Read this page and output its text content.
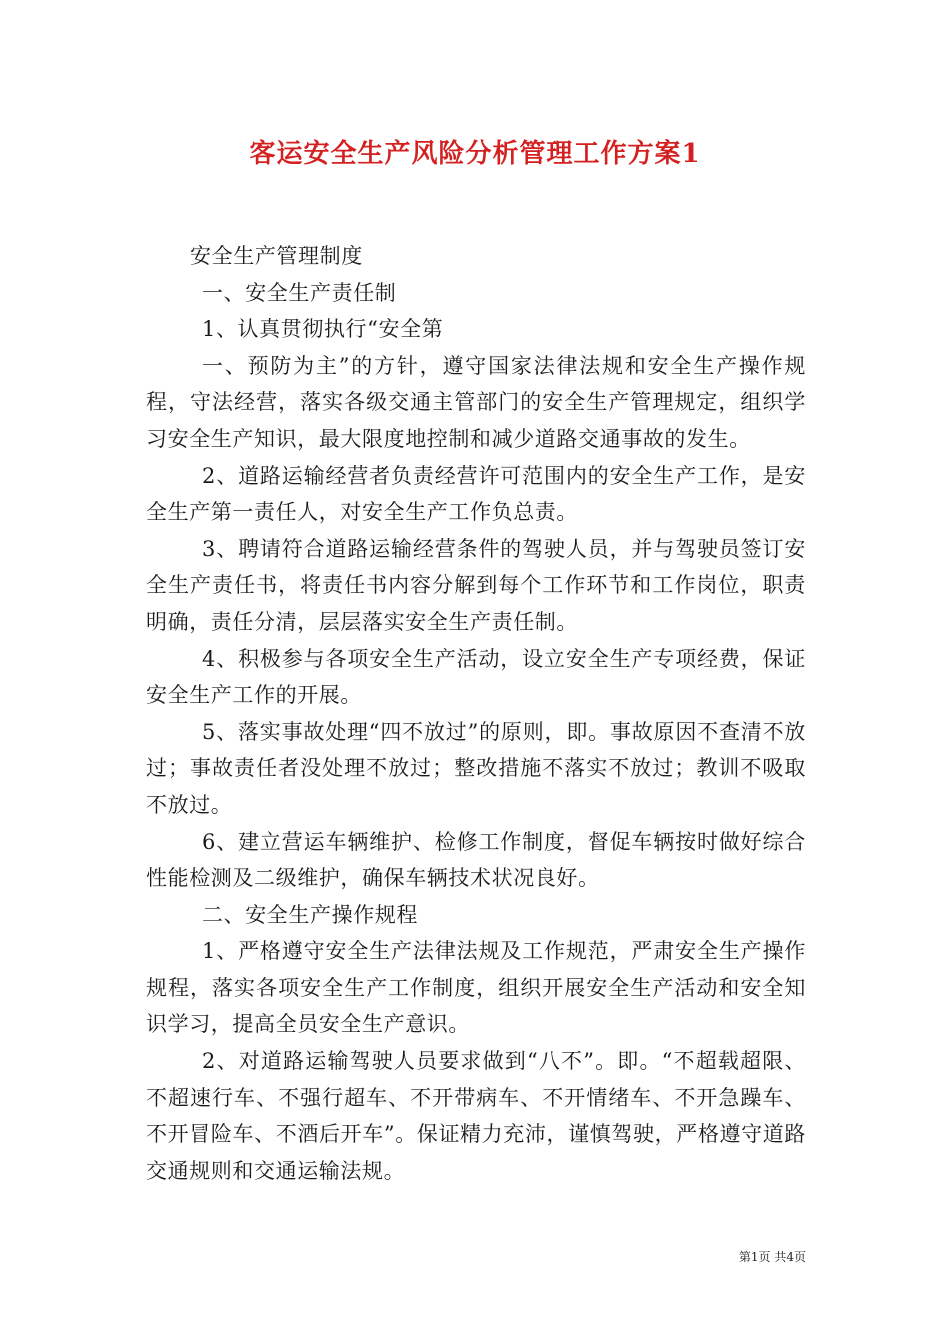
客运安全生产风险分析管理工作方案1

安全生产管理制度

一、安全生产责任制

1、认真贯彻执行“安全第

一、预防为主”的方针，遵守国家法律法规和安全生产操作规程，守法经营，落实各级交通主管部门的安全生产管理规定，组织学习安全生产知识，最大限度地控制和减少道路交通事故的发生。

2、道路运输经营者负责经营许可范围内的安全生产工作，是安全生产第一责任人，对安全生产工作负总责。

3、聘请符合道路运输经营条件的驾驶人员，并与驾驶员签订安全生产责任书，将责任书内容分解到每个工作环节和工作岗位，职责明确，责任分清，层层落实安全生产责任制。

4、积极参与各项安全生产活动，设立安全生产专项经费，保证安全生产工作的开展。

5、落实事故处理“四不放过”的原则，即。事故原因不查清不放过；事故责任者没处理不放过；整改措施不落实不放过；教训不吸取不放过。

6、建立营运车辆维护、检修工作制度，督促车辆按时做好综合性能检测及二级维护，确保车辆技术状况良好。

二、安全生产操作规程

1、严格遵守安全生产法律法规及工作规范，严肃安全生产操作规程，落实各项安全生产工作制度，组织开展安全生产活动和安全知识学习，提高全员安全生产意识。

2、对道路运输驾驶人员要求做到“八不”。即。“不超载超限、不超速行车、不强行超车、不开带病车、不开情绪车、不开急躁车、不开冒险车、不酒后开车”。保证精力充沛，谨慎驾驶，严格遵守道路交通规则和交通运输法规。

第1页 共4页
